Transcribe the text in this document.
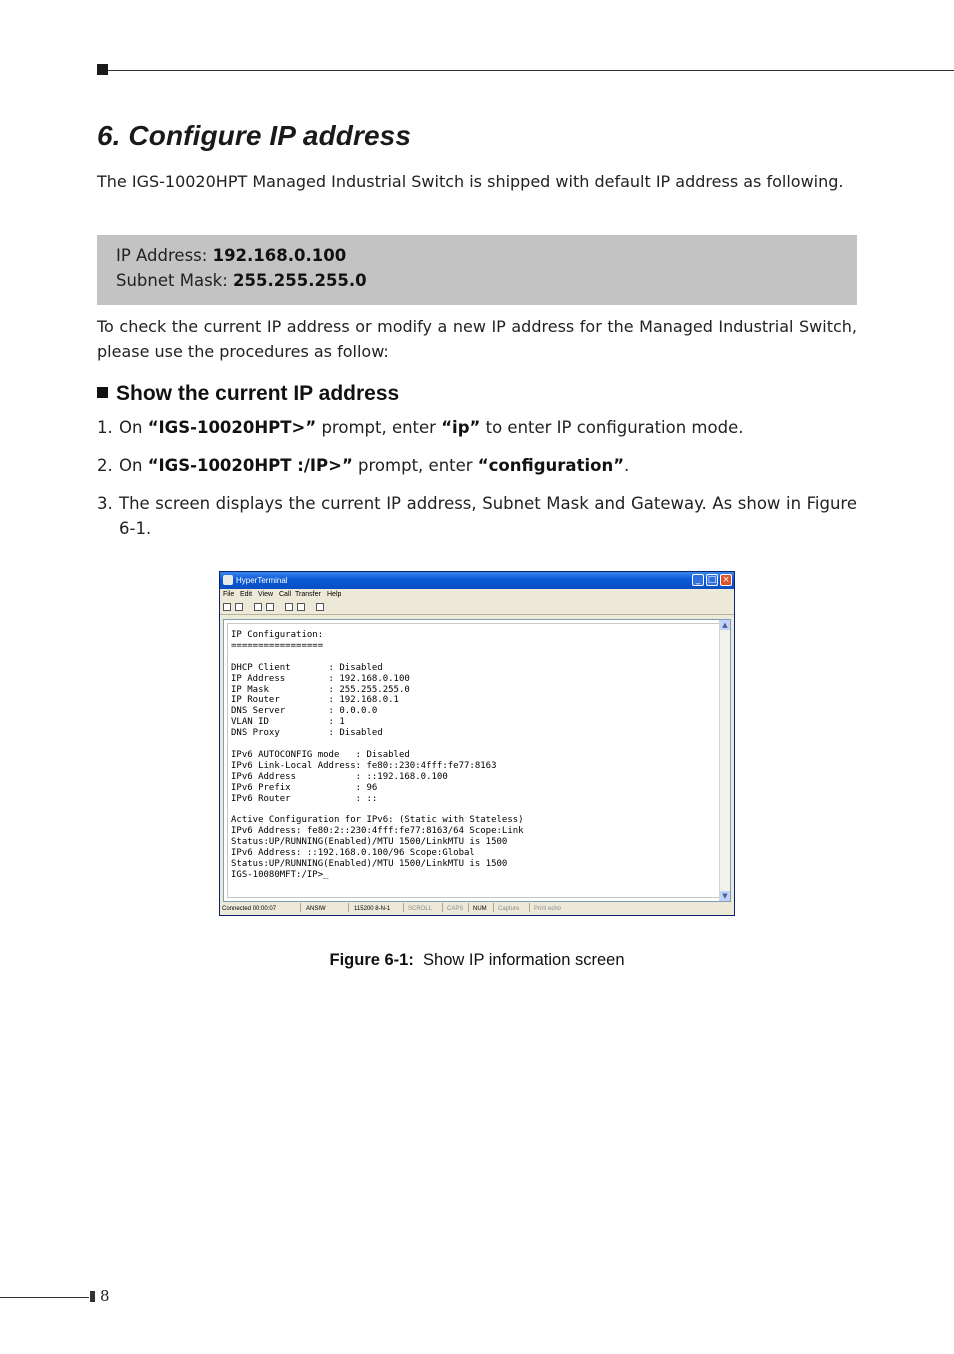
6. Configure IP address

The IGS-10020HPT Managed Industrial Switch is shipped with default IP address as following.

IP Address: 192.168.0.100
Subnet Mask: 255.255.255.0

To check the current IP address or modify a new IP address for the Managed Industrial Switch, please use the procedures as follow:

Show the current IP address
1. On “IGS-10020HPT>” prompt, enter “ip” to enter IP configuration mode.
2. On “IGS-10020HPT :/IP>” prompt, enter “configuration”.
3. The screen displays the current IP address, Subnet Mask and Gateway. As show in Figure 6-1.
HyperTerminal	_ □ ×
File Edit View Call Transfer Help
IP Configuration:
=================

DHCP Client       : Disabled
IP Address        : 192.168.0.100
IP Mask           : 255.255.255.0
IP Router         : 192.168.0.1
DNS Server        : 0.0.0.0
VLAN ID           : 1
DNS Proxy         : Disabled

IPv6 AUTOCONFIG mode   : Disabled
IPv6 Link-Local Address: fe80::230:4fff:fe77:8163
IPv6 Address           : ::192.168.0.100
IPv6 Prefix            : 96
IPv6 Router            : ::

Active Configuration for IPv6: (Static with Stateless)
IPv6 Address: fe80:2::230:4fff:fe77:8163/64 Scope:Link
Status:UP/RUNNING(Enabled)/MTU 1500/LinkMTU is 1500
IPv6 Address: ::192.168.0.100/96 Scope:Global
Status:UP/RUNNING(Enabled)/MTU 1500/LinkMTU is 1500
IGS-10080MFT:/IP>_
▲
▼
Connected 00:00:07	ANSIW	115200 8-N-1	SCROLL CAPS NUM Capture Print echo
Figure 6-1: Show IP information screen
8
